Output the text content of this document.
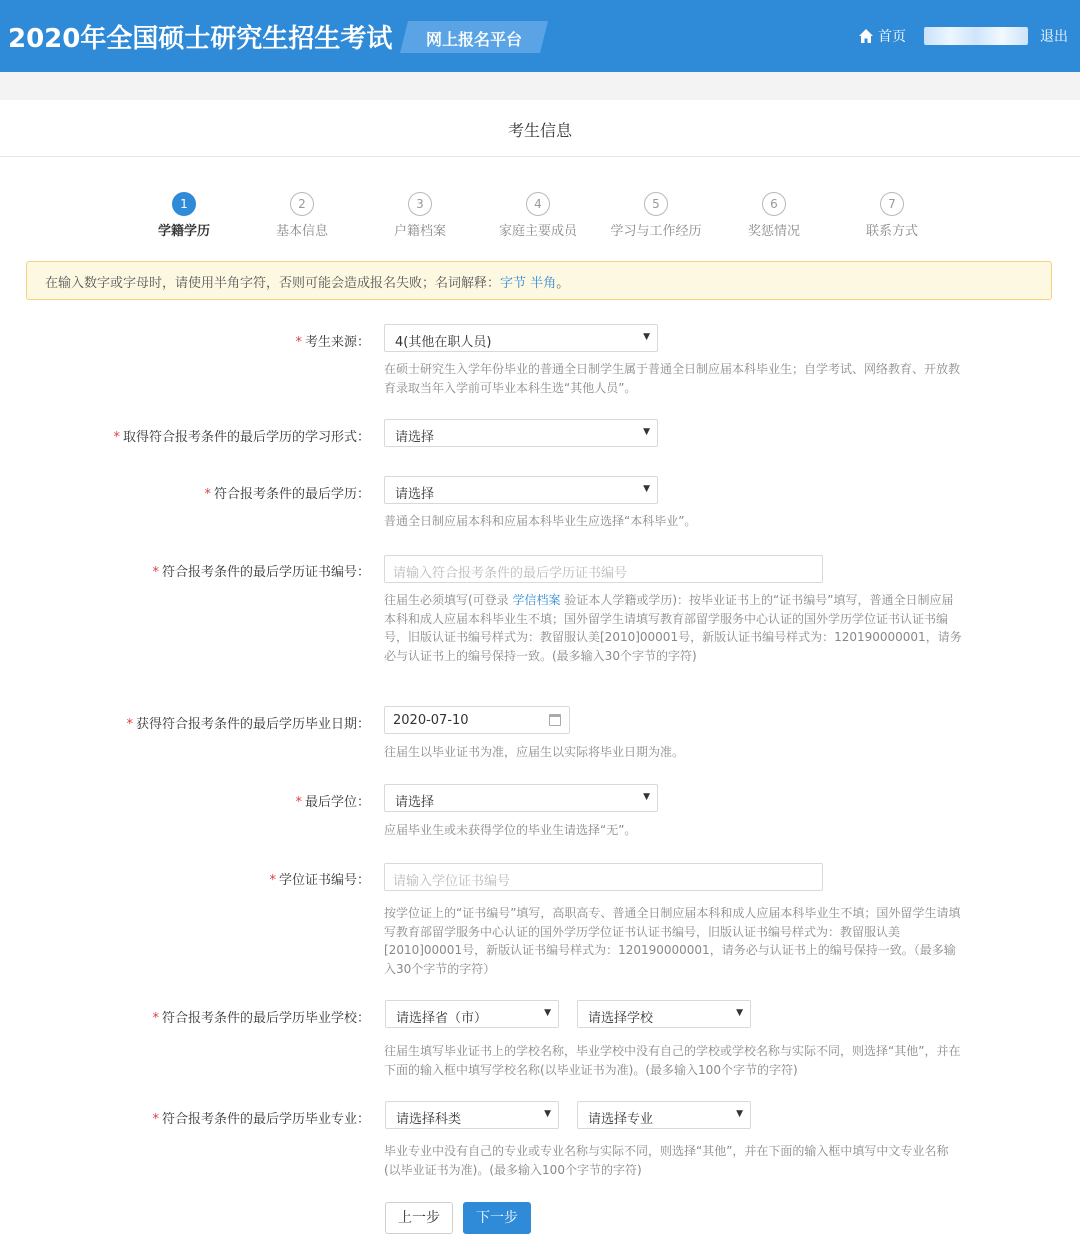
2020年全国硕士研究生招生考试	网上报名平台	首页	退出
考生信息
1
学籍学历
2
基本信息
3
户籍档案
4
家庭主要成员
5
学习与工作经历
6
奖惩情况
7
联系方式
在输入数字或字母时，请使用半角字符，否则可能会造成报名失败；名词解释：字节 半角。
* 考生来源：	4(其他在职人员)	▼
在硕士研究生入学年份毕业的普通全日制学生属于普通全日制应届本科毕业生；自学考试、网络教育、开放教育录取当年入学前可毕业本科生选“其他人员”。
* 取得符合报考条件的最后学历的学习形式：	请选择	▼
* 符合报考条件的最后学历：	请选择	▼
普通全日制应届本科和应届本科毕业生应选择“本科毕业”。
* 符合报考条件的最后学历证书编号：	请输入符合报考条件的最后学历证书编号
往届生必须填写(可登录 学信档案 验证本人学籍或学历)：按毕业证书上的“证书编号”填写，普通全日制应届本科和成人应届本科毕业生不填；国外留学生请填写教育部留学服务中心认证的国外学历学位证书认证书编号，旧版认证书编号样式为：教留服认美[2010]00001号，新版认证书编号样式为：120190000001，请务必与认证书上的编号保持一致。(最多输入30个字节的字符)
* 获得符合报考条件的最后学历毕业日期：	2020-07-10
往届生以毕业证书为准，应届生以实际将毕业日期为准。
* 最后学位：	请选择	▼
应届毕业生或未获得学位的毕业生请选择“无”。
* 学位证书编号：	请输入学位证书编号
按学位证上的“证书编号”填写，高职高专、普通全日制应届本科和成人应届本科毕业生不填；国外留学生请填写教育部留学服务中心认证的国外学历学位证书认证书编号，旧版认证书编号样式为：教留服认美[2010]00001号，新版认证书编号样式为：120190000001，请务必与认证书上的编号保持一致。（最多输入30个字节的字符）
* 符合报考条件的最后学历毕业学校：	请选择省（市）	▼	请选择学校	▼
往届生填写毕业证书上的学校名称，毕业学校中没有自己的学校或学校名称与实际不同，则选择“其他”，并在下面的输入框中填写学校名称(以毕业证书为准)。(最多输入100个字节的字符)
* 符合报考条件的最后学历毕业专业：	请选择科类	▼	请选择专业	▼
毕业专业中没有自己的专业或专业名称与实际不同，则选择“其他”，并在下面的输入框中填写中文专业名称(以毕业证书为准)。(最多输入100个字节的字符)
上一步	下一步
